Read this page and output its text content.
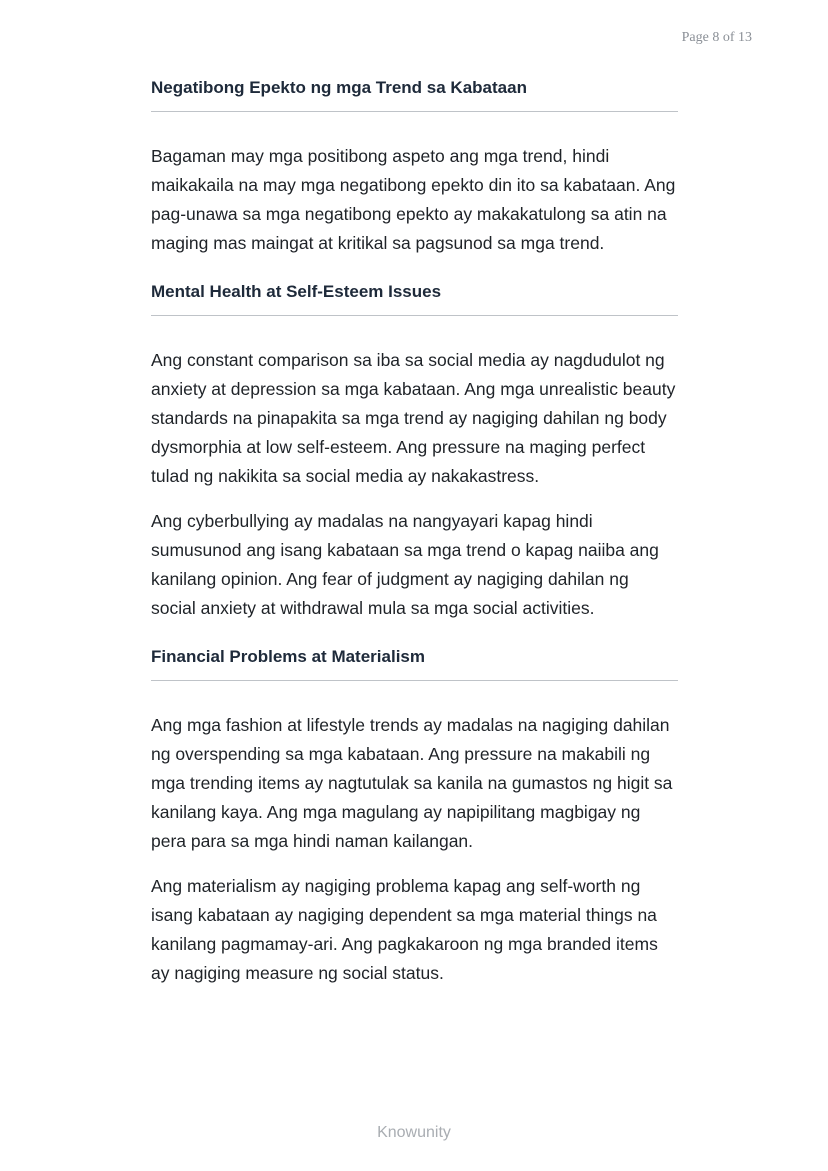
Page 8 of 13
Negatibong Epekto ng mga Trend sa Kabataan

Bagaman may mga positibong aspeto ang mga trend, hindi maikakaila na may mga negatibong epekto din ito sa kabataan. Ang pag-unawa sa mga negatibong epekto ay makakatulong sa atin na maging mas maingat at kritikal sa pagsunod sa mga trend.

Mental Health at Self-Esteem Issues

Ang constant comparison sa iba sa social media ay nagdudulot ng anxiety at depression sa mga kabataan. Ang mga unrealistic beauty standards na pinapakita sa mga trend ay nagiging dahilan ng body dysmorphia at low self-esteem. Ang pressure na maging perfect tulad ng nakikita sa social media ay nakakastress.

Ang cyberbullying ay madalas na nangyayari kapag hindi sumusunod ang isang kabataan sa mga trend o kapag naiiba ang kanilang opinion. Ang fear of judgment ay nagiging dahilan ng social anxiety at withdrawal mula sa mga social activities.

Financial Problems at Materialism

Ang mga fashion at lifestyle trends ay madalas na nagiging dahilan ng overspending sa mga kabataan. Ang pressure na makabili ng mga trending items ay nagtutulak sa kanila na gumastos ng higit sa kanilang kaya. Ang mga magulang ay napipilitang magbigay ng pera para sa mga hindi naman kailangan.

Ang materialism ay nagiging problema kapag ang self-worth ng isang kabataan ay nagiging dependent sa mga material things na kanilang pagmamay-ari. Ang pagkakaroon ng mga branded items ay nagiging measure ng social status.

Knowunity
